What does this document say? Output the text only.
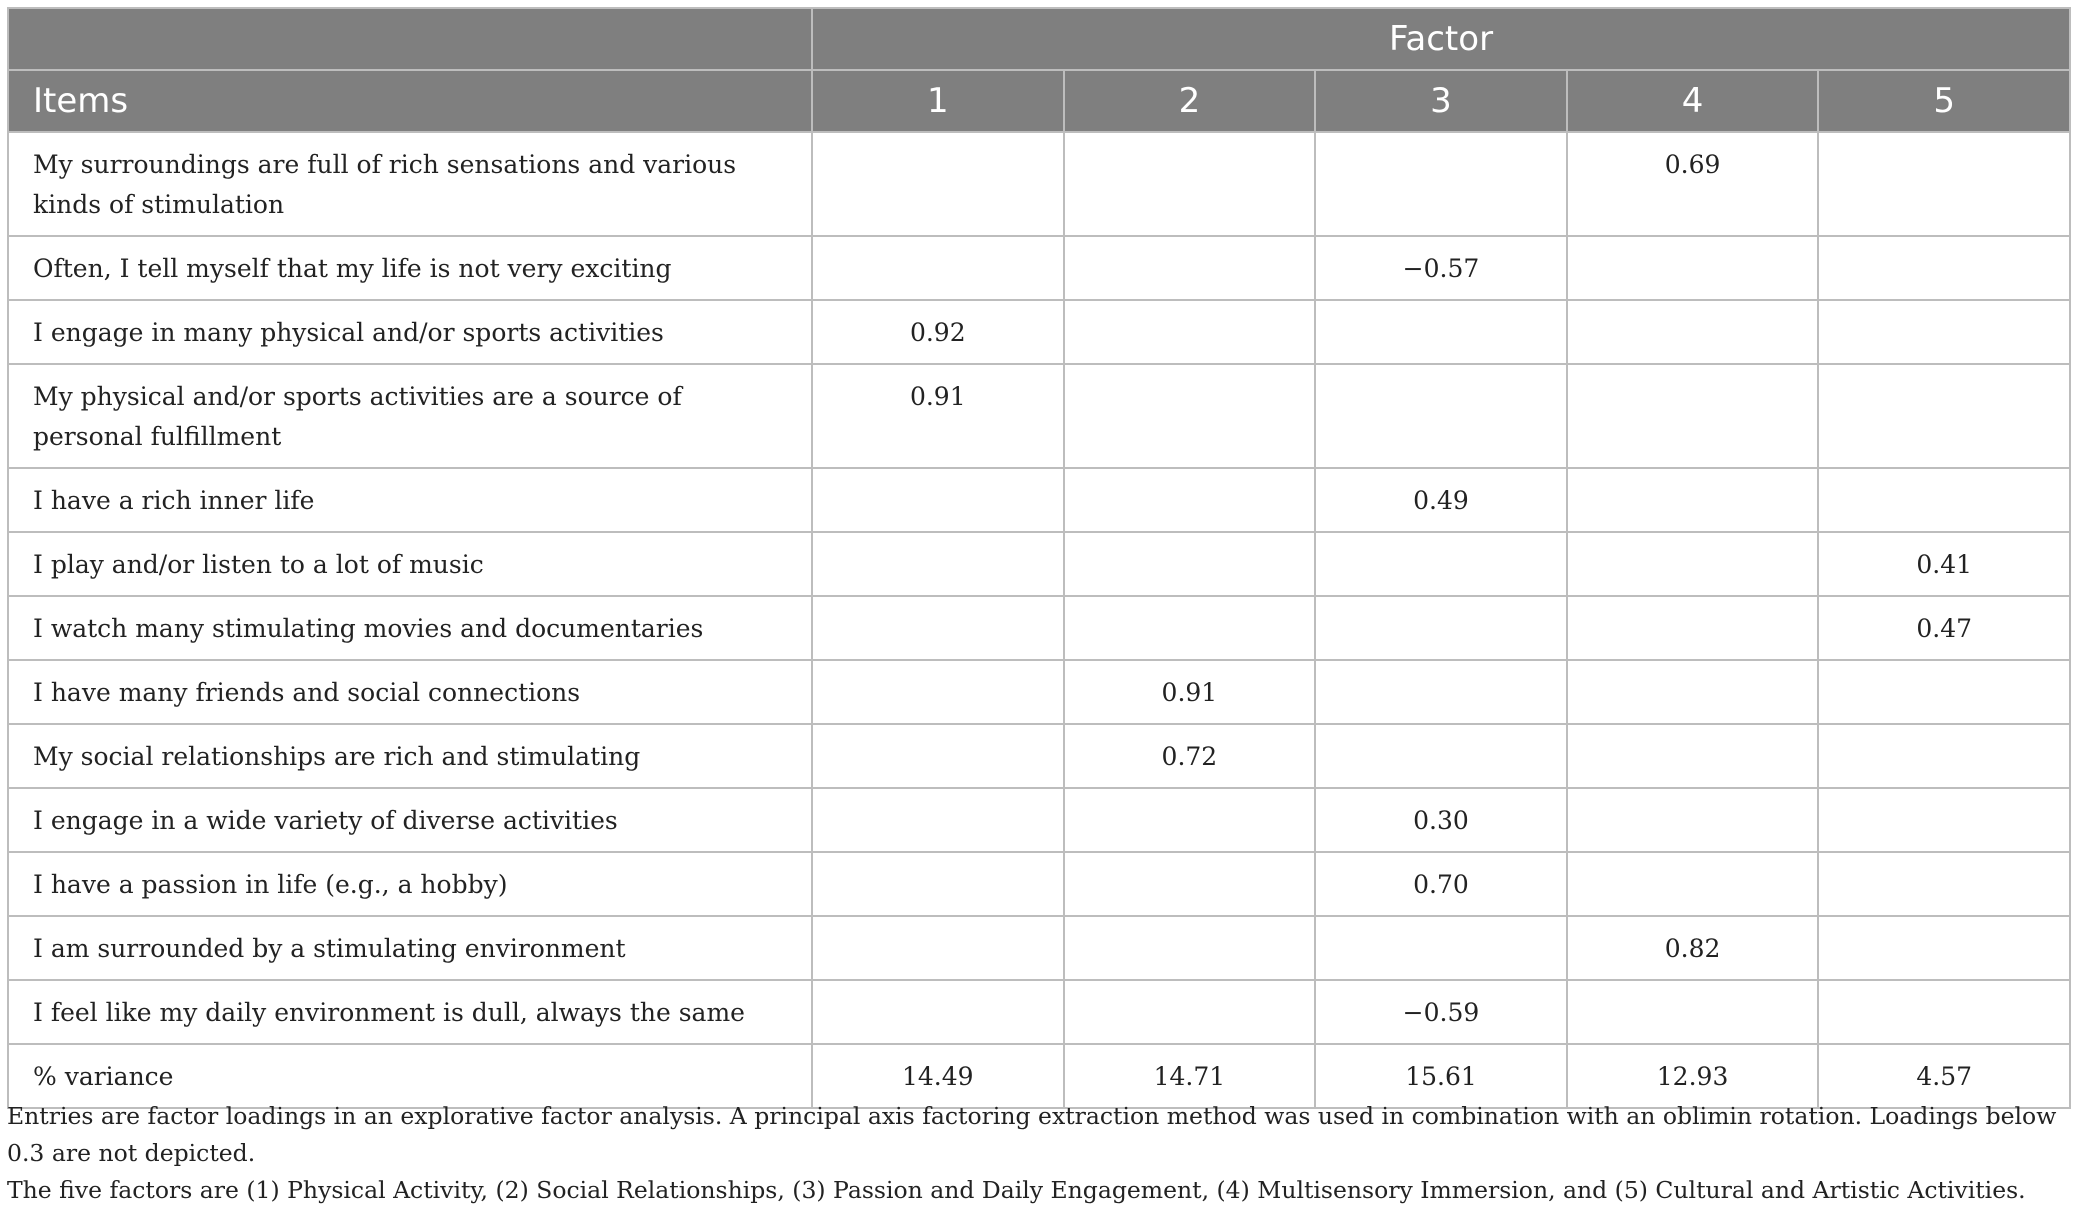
	Factor				
Items	1	2	3	4	5
My surroundings are full of rich sensations and various kinds of stimulation				0.69	
Often, I tell myself that my life is not very exciting			−0.57		
I engage in many physical and/or sports activities	0.92				
My physical and/or sports activities are a source of personal fulfillment	0.91				
I have a rich inner life			0.49		
I play and/or listen to a lot of music					0.41
I watch many stimulating movies and documentaries					0.47
I have many friends and social connections		0.91			
My social relationships are rich and stimulating		0.72			
I engage in a wide variety of diverse activities			0.30		
I have a passion in life (e.g., a hobby)			0.70		
I am surrounded by a stimulating environment				0.82	
I feel like my daily environment is dull, always the same			−0.59		
% variance	14.49	14.71	15.61	12.93	4.57

Entries are factor loadings in an explorative factor analysis. A principal axis factoring extraction method was used in combination with an oblimin rotation. Loadings below 0.3 are not depicted.

The five factors are (1) Physical Activity, (2) Social Relationships, (3) Passion and Daily Engagement, (4) Multisensory Immersion, and (5) Cultural and Artistic Activities.
